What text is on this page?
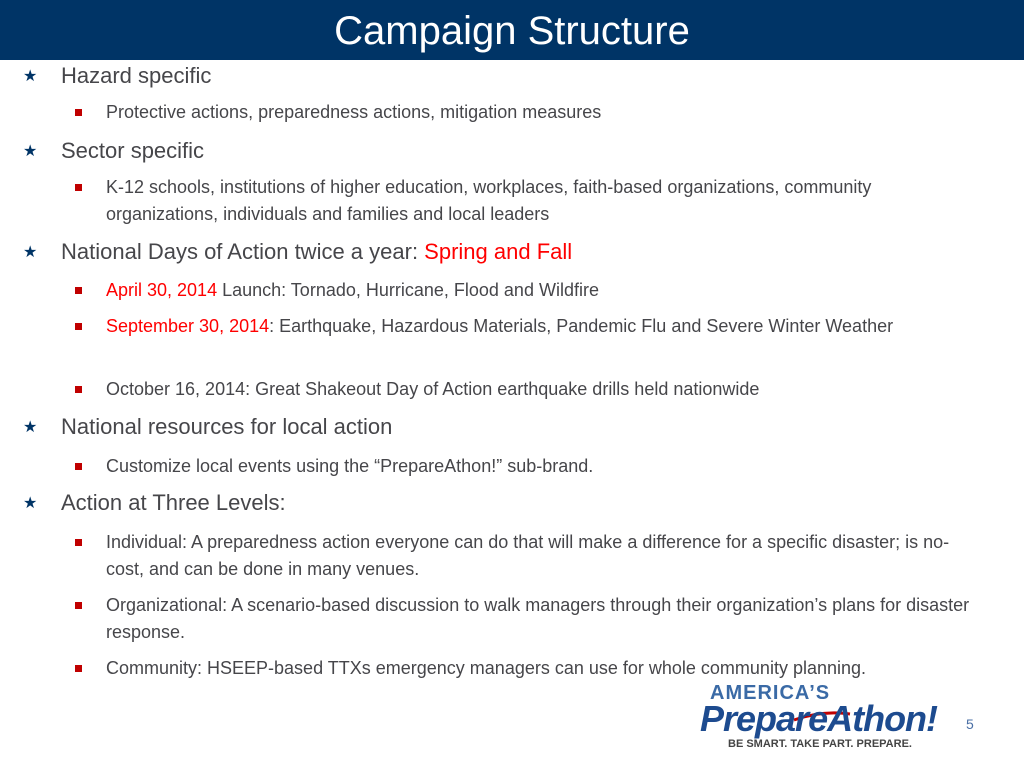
Campaign Structure
★ Hazard specific
Protective actions, preparedness actions, mitigation measures
★ Sector specific
K-12 schools, institutions of higher education, workplaces, faith-based organizations, community organizations, individuals and families and local leaders
★ National Days of Action twice a year: Spring and Fall
April 30, 2014 Launch: Tornado, Hurricane, Flood and Wildfire
September 30, 2014: Earthquake, Hazardous Materials, Pandemic Flu and Severe Winter Weather
October 16, 2014: Great Shakeout Day of Action earthquake drills held nationwide
★ National resources for local action
Customize local events using the “PrepareAthon!” sub-brand.
★ Action at Three Levels:
Individual: A preparedness action everyone can do that will make a difference for a specific disaster; is no-cost, and can be done in many venues.
Organizational: A scenario-based discussion to walk managers through their organization’s plans for disaster response.
Community: HSEEP-based TTXs emergency managers can use for whole community planning.
AMERICA’S
PrepareAthon!
BE SMART. TAKE PART. PREPARE.
5
